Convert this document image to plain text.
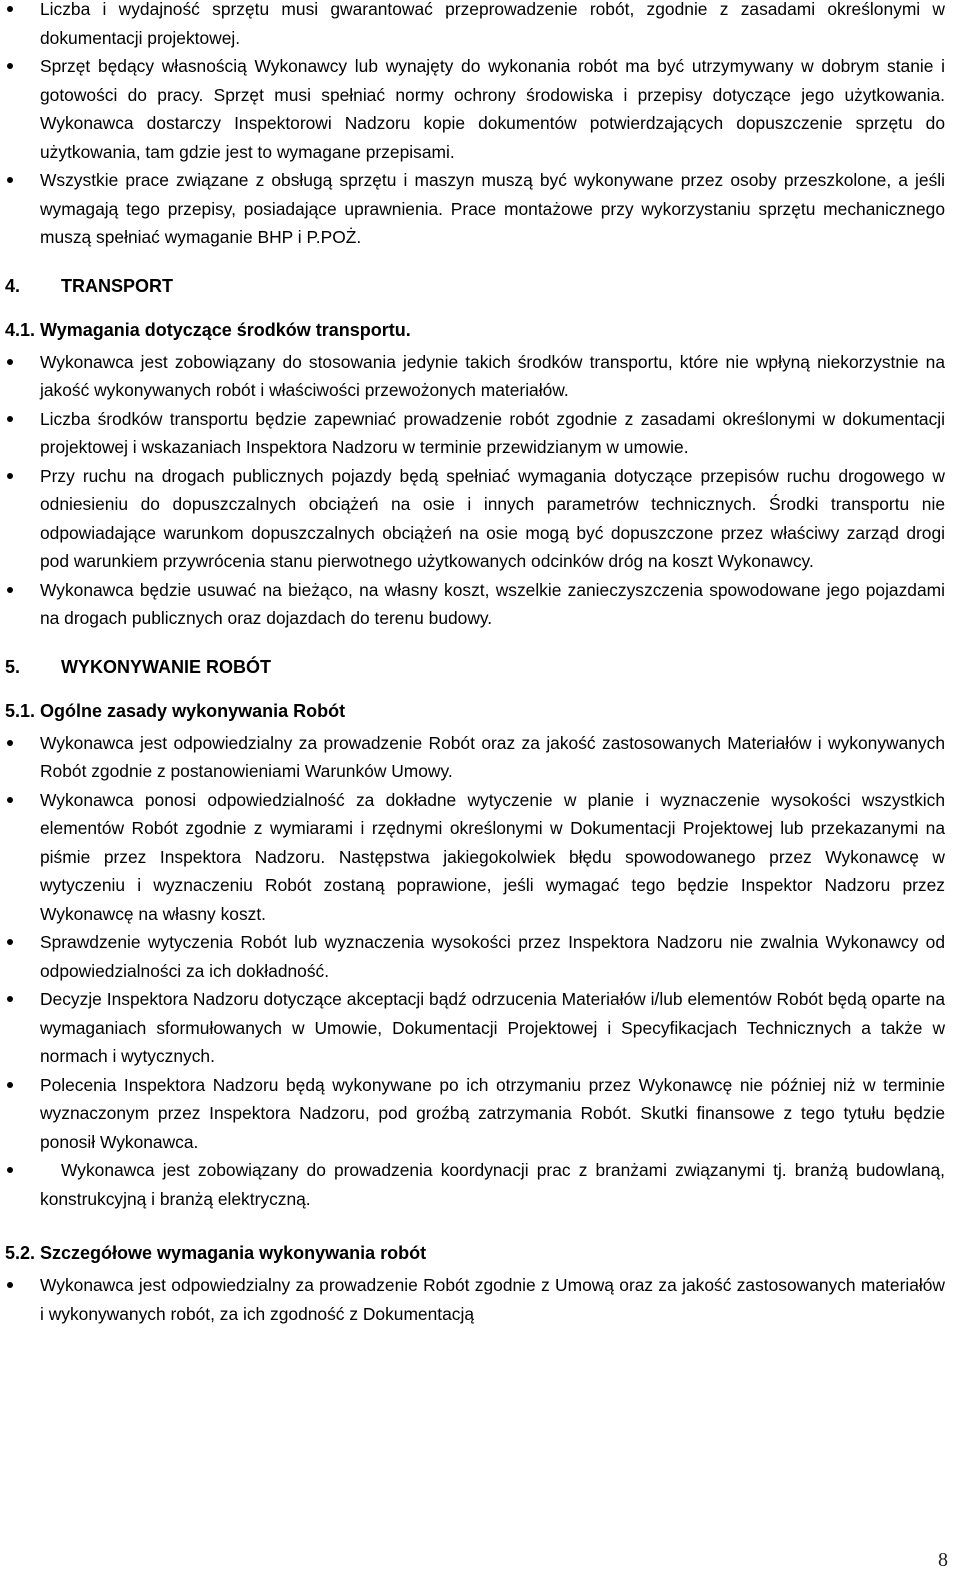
Liczba i wydajność sprzętu musi gwarantować przeprowadzenie robót, zgodnie z zasadami określonymi w dokumentacji projektowej.
Sprzęt będący własnością Wykonawcy lub wynajęty do wykonania robót ma być utrzymywany w dobrym stanie i gotowości do pracy. Sprzęt musi spełniać normy ochrony środowiska i przepisy dotyczące jego użytkowania. Wykonawca dostarczy Inspektorowi Nadzoru kopie dokumentów potwierdzających dopuszczenie sprzętu do użytkowania, tam gdzie jest to wymagane przepisami.
Wszystkie prace związane z obsługą sprzętu i maszyn muszą być wykonywane przez osoby przeszkolone, a jeśli wymagają tego przepisy, posiadające uprawnienia. Prace montażowe przy wykorzystaniu sprzętu mechanicznego muszą spełniać wymaganie BHP i P.POŻ.

4. TRANSPORT

4.1. Wymagania dotyczące środków transportu.

Wykonawca jest zobowiązany do stosowania jedynie takich środków transportu, które nie wpłyną niekorzystnie na jakość wykonywanych robót i właściwości przewożonych materiałów.
Liczba środków transportu będzie zapewniać prowadzenie robót zgodnie z zasadami określonymi w dokumentacji projektowej i wskazaniach Inspektora Nadzoru w terminie przewidzianym w umowie.
Przy ruchu na drogach publicznych pojazdy będą spełniać wymagania dotyczące przepisów ruchu drogowego w odniesieniu do dopuszczalnych obciążeń na osie i innych parametrów technicznych. Środki transportu nie odpowiadające warunkom dopuszczalnych obciążeń na osie mogą być dopuszczone przez właściwy zarząd drogi pod warunkiem przywrócenia stanu pierwotnego użytkowanych odcinków dróg na koszt Wykonawcy.
Wykonawca będzie usuwać na bieżąco, na własny koszt, wszelkie zanieczyszczenia spowodowane jego pojazdami na drogach publicznych oraz dojazdach do terenu budowy.

5. WYKONYWANIE ROBÓT

5.1. Ogólne zasady wykonywania Robót

Wykonawca jest odpowiedzialny za prowadzenie Robót oraz za jakość zastosowanych Materiałów i wykonywanych Robót zgodnie z postanowieniami Warunków Umowy.
Wykonawca ponosi odpowiedzialność za dokładne wytyczenie w planie i wyznaczenie wysokości wszystkich elementów Robót zgodnie z wymiarami i rzędnymi określonymi w Dokumentacji Projektowej lub przekazanymi na piśmie przez Inspektora Nadzoru. Następstwa jakiegokolwiek błędu spowodowanego przez Wykonawcę w wytyczeniu i wyznaczeniu Robót zostaną poprawione, jeśli wymagać tego będzie Inspektor Nadzoru przez Wykonawcę na własny koszt.
Sprawdzenie wytyczenia Robót lub wyznaczenia wysokości przez Inspektora Nadzoru nie zwalnia Wykonawcy od odpowiedzialności za ich dokładność.
Decyzje Inspektora Nadzoru dotyczące akceptacji bądź odrzucenia Materiałów i/lub elementów Robót będą oparte na wymaganiach sformułowanych w Umowie, Dokumentacji Projektowej i Specyfikacjach Technicznych a także w normach i wytycznych.
Polecenia Inspektora Nadzoru będą wykonywane po ich otrzymaniu przez Wykonawcę nie później niż w terminie wyznaczonym przez Inspektora Nadzoru, pod groźbą zatrzymania Robót. Skutki finansowe z tego tytułu będzie ponosił Wykonawca.
Wykonawca jest zobowiązany do prowadzenia koordynacji prac z branżami związanymi tj. branżą budowlaną, konstrukcyjną i branżą elektryczną.

5.2. Szczegółowe wymagania wykonywania robót

Wykonawca jest odpowiedzialny za prowadzenie Robót zgodnie z Umową oraz za jakość zastosowanych materiałów i wykonywanych robót, za ich zgodność z Dokumentacją
8
